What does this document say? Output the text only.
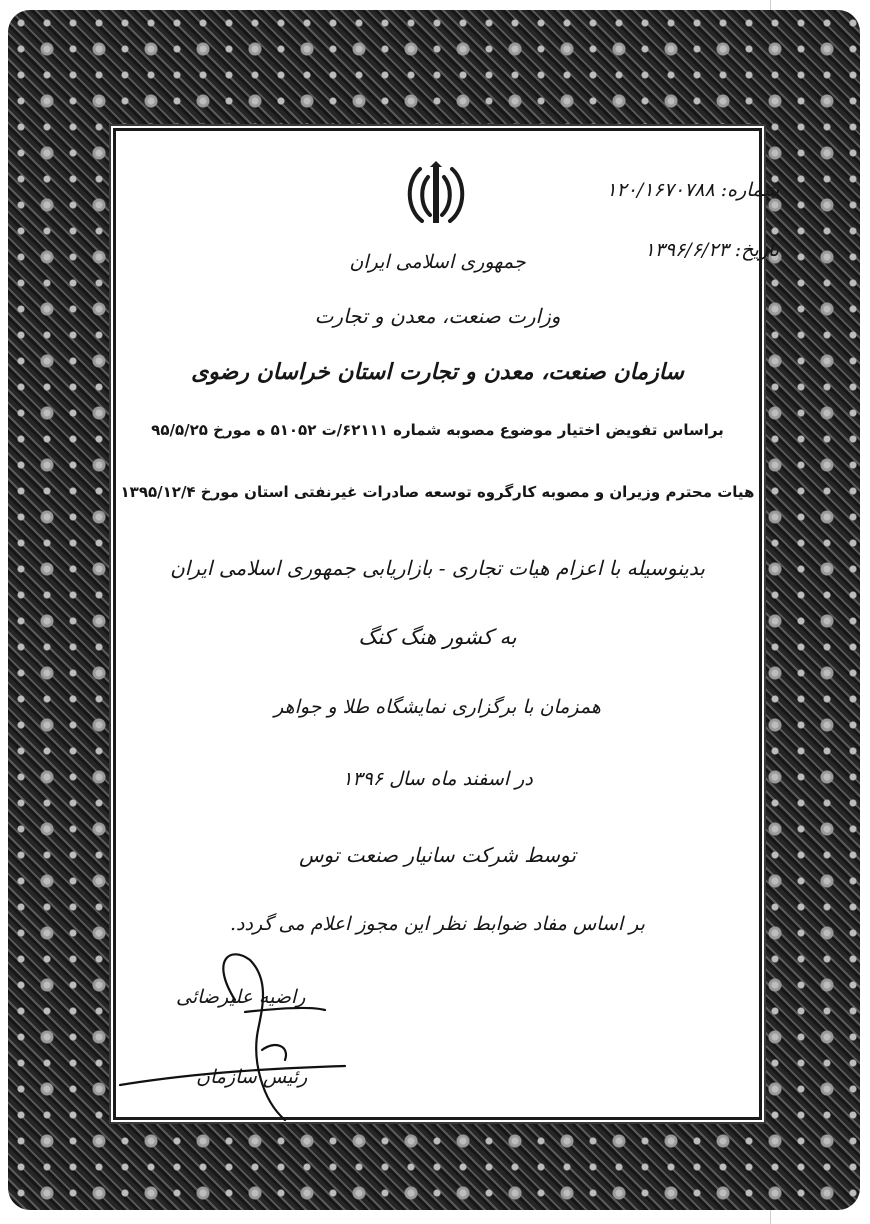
شماره: ۱۲۰/۱۶۷۰۷۸۸
تاریخ: ۱۳۹۶/۶/۲۳
جمهوری اسلامی ایران
وزارت صنعت، معدن و تجارت
سازمان صنعت، معدن و تجارت استان خراسان رضوی
براساس تفویض اختیار موضوع مصوبه شماره ۶۲۱۱۱/ت ۵۱۰۵۲ ه مورخ ۹۵/۵/۲۵
هیات محترم وزیران و مصوبه کارگروه توسعه صادرات غیرنفتی استان مورخ ۱۳۹۵/۱۲/۴
بدینوسیله با اعزام هیات تجاری - بازاریابی جمهوری اسلامی ایران
به کشور هنگ کنگ
همزمان با برگزاری نمایشگاه طلا و جواهر
در اسفند ماه سال ۱۳۹۶
توسط شرکت سانیار صنعت توس
بر اساس مفاد ضوابط نظر این مجوز اعلام می گردد.
راضیه علیرضائی
رئیس سازمان
